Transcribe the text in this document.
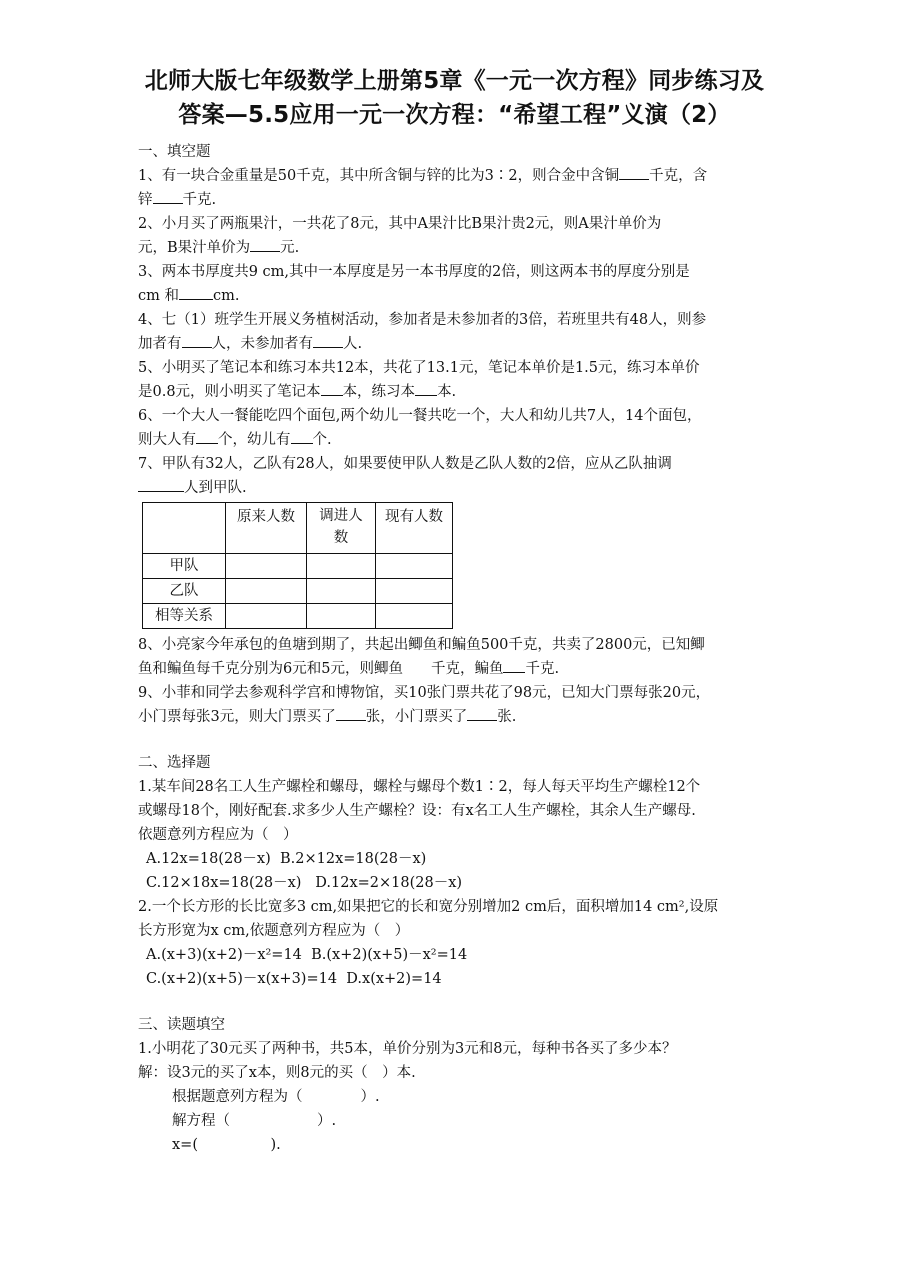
北师大版七年级数学上册第5章《一元一次方程》同步练习及
答案—5.5应用一元一次方程：“希望工程”义演（2）
一、填空题
1、有一块合金重量是50千克，其中所含铜与锌的比为3∶2，则合金中含铜 千克，含
锌 千克.
2、小月买了两瓶果汁，一共花了8元，其中A果汁比B果汁贵2元，则A果汁单价为
元，B果汁单价为 元.
3、两本书厚度共9 cm,其中一本厚度是另一本书厚度的2倍，则这两本书的厚度分别是
cm 和 cm.
4、七（1）班学生开展义务植树活动，参加者是未参加者的3倍，若班里共有48人，则参
加者有 人，未参加者有 人.
5、小明买了笔记本和练习本共12本，共花了13.1元，笔记本单价是1.5元，练习本单价
是0.8元，则小明买了笔记本 本，练习本 本.
6、一个大人一餐能吃四个面包,两个幼儿一餐共吃一个，大人和幼儿共7人，14个面包，
则大人有 个，幼儿有 个.
7、甲队有32人，乙队有28人，如果要使甲队人数是乙队人数的2倍，应从乙队抽调
人到甲队.
	原来人数	调进人数	现有人数
甲队			
乙队			
相等关系			
8、小亮家今年承包的鱼塘到期了，共起出鲫鱼和鳊鱼500千克，共卖了2800元，已知鲫
鱼和鳊鱼每千克分别为6元和5元，则鲫鱼 千克，鳊鱼 千克.
9、小菲和同学去参观科学宫和博物馆，买10张门票共花了98元，已知大门票每张20元，
小门票每张3元，则大门票买了 张，小门票买了 张.
二、选择题
1.某车间28名工人生产螺栓和螺母，螺栓与螺母个数1∶2，每人每天平均生产螺栓12个
或螺母18个，刚好配套.求多少人生产螺栓？设：有x名工人生产螺栓，其余人生产螺母.
依题意列方程应为（　）
A.12x=18(28－x) B.2×12x=18(28－x)
C.12×18x=18(28－x) D.12x=2×18(28－x)
2.一个长方形的长比宽多3 cm,如果把它的长和宽分别增加2 cm后，面积增加14 cm²,设原
长方形宽为x cm,依题意列方程应为（　）
A.(x+3)(x+2)－x²=14 B.(x+2)(x+5)－x²=14
C.(x+2)(x+5)－x(x+3)=14 D.x(x+2)=14
三、读题填空
1.小明花了30元买了两种书，共5本，单价分别为3元和8元，每种书各买了多少本？
解：设3元的买了x本，则8元的买（　）本.
根据题意列方程为（　　　　）.
解方程（　　　　　　）.
x=(　　　　　).
